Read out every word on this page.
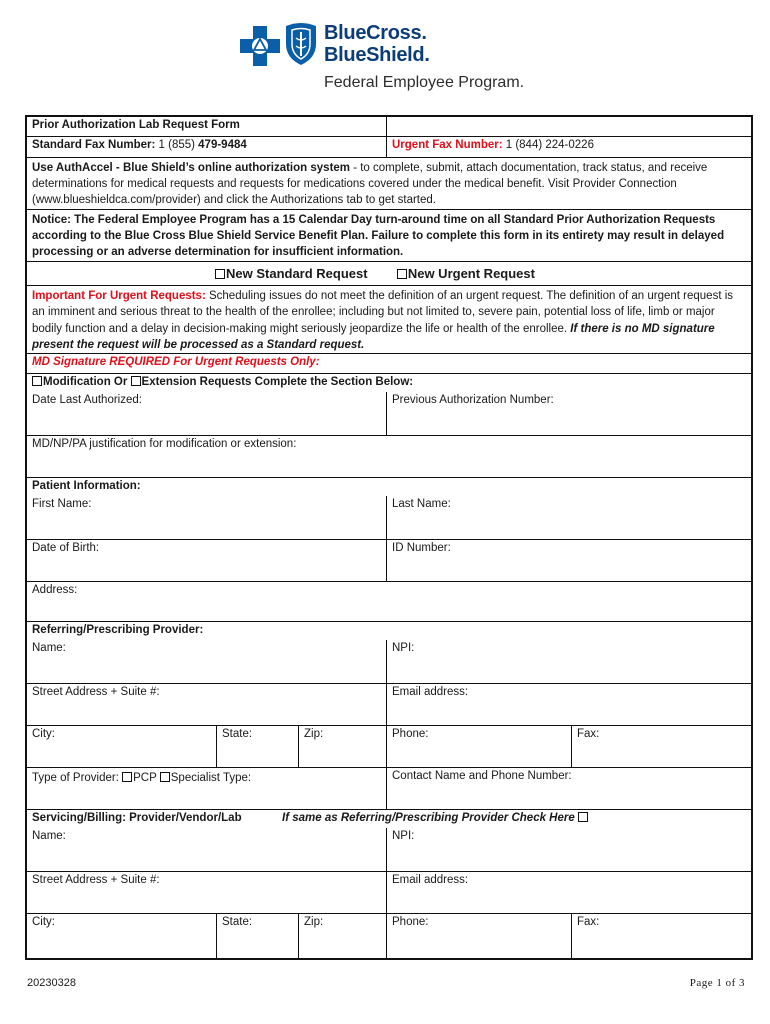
BlueCross.
BlueShield.
Federal Employee Program.
Prior Authorization Lab Request Form
Standard Fax Number: 1 (855) 479-9484	Urgent Fax Number: 1 (844) 224-0226
Use AuthAccel - Blue Shield’s online authorization system - to complete, submit, attach documentation, track status, and receive determinations for medical requests and requests for medications covered under the medical benefit. Visit Provider Connection (www.blueshieldca.com/provider) and click the Authorizations tab to get started.
Notice: The Federal Employee Program has a 15 Calendar Day turn-around time on all Standard Prior Authorization Requests according to the Blue Cross Blue Shield Service Benefit Plan. Failure to complete this form in its entirety may result in delayed processing or an adverse determination for insufficient information.
New Standard Request	New Urgent Request
Important For Urgent Requests: Scheduling issues do not meet the definition of an urgent request. The definition of an urgent request is an imminent and serious threat to the health of the enrollee; including but not limited to, severe pain, potential loss of life, limb or major bodily function and a delay in decision-making might seriously jeopardize the life or health of the enrollee. If there is no MD signature present the request will be processed as a Standard request.
MD Signature REQUIRED For Urgent Requests Only:
Modification Or Extension Requests Complete the Section Below:
Date Last Authorized:	Previous Authorization Number:
MD/NP/PA justification for modification or extension:
Patient Information:
First Name:	Last Name:
Date of Birth:	ID Number:
Address:
Referring/Prescribing Provider:
Name:	NPI:
Street Address + Suite #:	Email address:
City:	State:	Zip:	Phone:	Fax:
Type of Provider: PCP Specialist Type:	Contact Name and Phone Number:
Servicing/Billing: Provider/Vendor/Lab	If same as Referring/Prescribing Provider Check Here
Name:	NPI:
Street Address + Suite #:	Email address:
City:	State:	Zip:	Phone:	Fax:
20230328	Page 1 of 3
